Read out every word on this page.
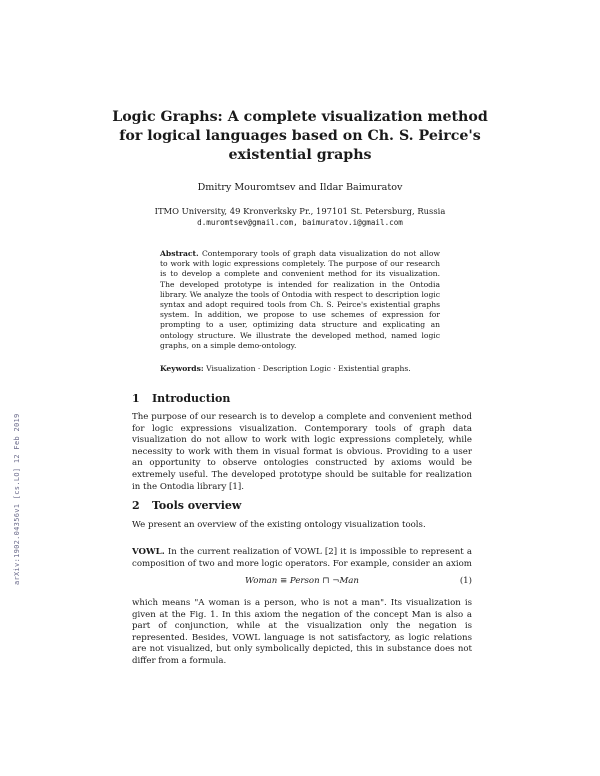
arXiv:1902.04356v1 [cs.LO] 12 Feb 2019
Logic Graphs: A complete visualization method
for logical languages based on Ch. S. Peirce's
existential graphs
Dmitry Mouromtsev and Ildar Baimuratov
ITMO University, 49 Kronverksky Pr., 197101 St. Petersburg, Russia
d.muromtsev@gmail.com, baimuratov.i@gmail.com
Abstract. Contemporary tools of graph data visualization do not allow to work with logic expressions completely. The purpose of our research is to develop a complete and convenient method for its visualization. The developed prototype is intended for realization in the Ontodia library. We analyze the tools of Ontodia with respect to description logic syntax and adopt required tools from Ch. S. Peirce's existential graphs system. In addition, we propose to use schemes of expression for prompting to a user, optimizing data structure and explicating an ontology structure. We illustrate the developed method, named logic graphs, on a simple demo-ontology.
Keywords: Visualization · Description Logic · Existential graphs.
1 Introduction
The purpose of our research is to develop a complete and convenient method for logic expressions visualization. Contemporary tools of graph data visualization do not allow to work with logic expressions completely, while necessity to work with them in visual format is obvious. Providing to a user an opportunity to observe ontologies constructed by axioms would be extremely useful. The developed prototype should be suitable for realization in the Ontodia library [1].
2 Tools overview
We present an overview of the existing ontology visualization tools.
VOWL. In the current realization of VOWL [2] it is impossible to represent a composition of two and more logic operators. For example, consider an axiom
Woman ≡ Person ⊓ ¬Man	(1)
which means "A woman is a person, who is not a man". Its visualization is given at the Fig. 1. In this axiom the negation of the concept Man is also a part of conjunction, while at the visualization only the negation is represented. Besides, VOWL language is not satisfactory, as logic relations are not visualized, but only symbolically depicted, this in substance does not differ from a formula.
